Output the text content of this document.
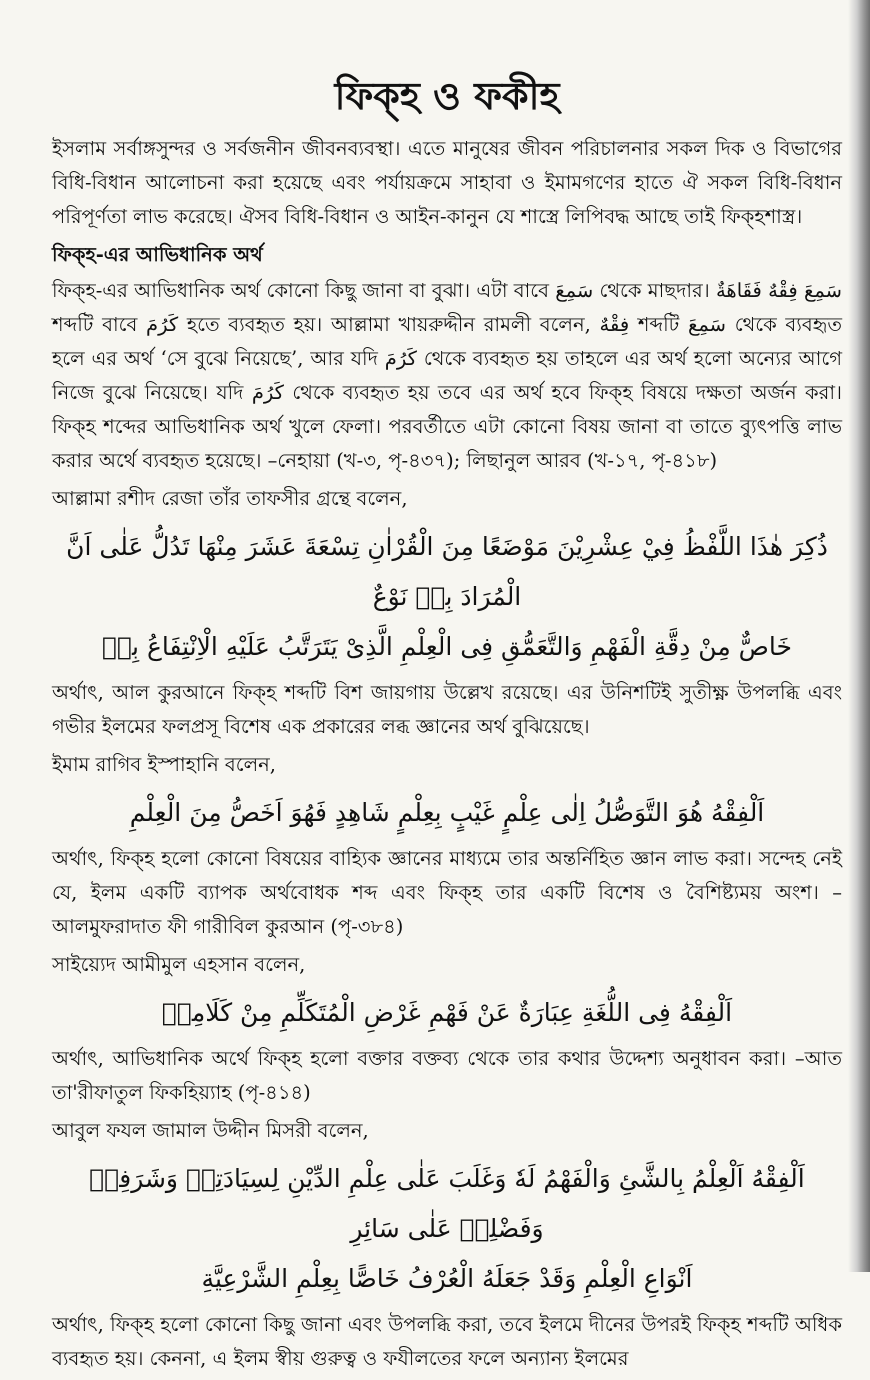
ফিক্‌হ ও ফকীহ

ইসলাম সর্বাঙ্গসুন্দর ও সর্বজনীন জীবনব্যবস্থা। এতে মানুষের জীবন পরিচালনার সকল দিক ও বিভাগের বিধি-বিধান আলোচনা করা হয়েছে এবং পর্যায়ক্রমে সাহাবা ও ইমামগণের হাতে ঐ সকল বিধি-বিধান পরিপূর্ণতা লাভ করেছে। ঐসব বিধি-বিধান ও আইন-কানুন যে শাস্ত্রে লিপিবদ্ধ আছে তাই ফিক্‌হশাস্ত্র।

ফিক্‌হ-এর আভিধানিক অর্থ

ফিক্‌হ-এর আভিধানিক অর্থ কোনো কিছু জানা বা বুঝা। এটা বাবে سَمِعَ থেকে মাছদার। سَمِعَ فِقْهٌ فَقَاهَةٌ শব্দটি বাবে كَرُمَ হতে ব্যবহৃত হয়। আল্লামা খায়রুদ্দীন রামলী বলেন, فِقْهٌ শব্দটি سَمِعَ থেকে ব্যবহৃত হলে এর অর্থ ‘সে বুঝে নিয়েছে’, আর যদি كَرُمَ থেকে ব্যবহৃত হয় তাহলে এর অর্থ হলো অন্যের আগে নিজে বুঝে নিয়েছে। যদি كَرُمَ থেকে ব্যবহৃত হয় তবে এর অর্থ হবে ফিক্‌হ বিষয়ে দক্ষতা অর্জন করা। ফিক্‌হ শব্দের আভিধানিক অর্থ খুলে ফেলা। পরবর্তীতে এটা কোনো বিষয় জানা বা তাতে ব্যুৎপত্তি লাভ করার অর্থে ব্যবহৃত হয়েছে। –নেহায়া (খ-৩, পৃ-৪৩৭); লিছানুল আরব (খ-১৭, পৃ-৪১৮)

আল্লামা রশীদ রেজা তাঁর তাফসীর গ্রন্থে বলেন,

ذُكِرَ هٰذَا اللَّفْظُ فِيْ عِشْرِيْنَ مَوْضَعًا مِنَ الْقُرْاٰنِ تِسْعَةَ عَشَرَ مِنْهَا تَدُلُّ عَلٰى اَنَّ الْمُرَادَ بِهٖ نَوْعٌ
خَاصٌّ مِنْ دِقَّةِ الْفَهْمِ وَالتَّعَمُّقِ فِى الْعِلْمِ الَّذِىْ يَتَرَتَّبُ عَلَيْهِ الْاِنْتِفَاعُ بِهٖ

অর্থাৎ, আল কুরআনে ফিক্‌হ শব্দটি বিশ জায়গায় উল্লেখ রয়েছে। এর উনিশটিই সুতীক্ষ্ণ উপলব্ধি এবং গভীর ইলমের ফলপ্রসূ বিশেষ এক প্রকারের লব্ধ জ্ঞানের অর্থ বুঝিয়েছে।

ইমাম রাগিব ইস্পাহানি বলেন,

اَلْفِقْهُ هُوَ التَّوَصُّلُ اِلٰى عِلْمٍ غَيْبٍ بِعِلْمٍ شَاهِدٍ فَهُوَ اَخَصُّ مِنَ الْعِلْمِ

অর্থাৎ, ফিক্‌হ হলো কোনো বিষয়ের বাহ্যিক জ্ঞানের মাধ্যমে তার অন্তর্নিহিত জ্ঞান লাভ করা। সন্দেহ নেই যে, ইলম একটি ব্যাপক অর্থবোধক শব্দ এবং ফিক্‌হ তার একটি বিশেষ ও বৈশিষ্ট্যময় অংশ। –আলমুফরাদাত ফী গারীবিল কুরআন (পৃ-৩৮৪)

সাইয়্যেদ আমীমুল এহসান বলেন,

اَلْفِقْهُ فِى اللُّغَةِ عِبَارَةٌ عَنْ فَهْمِ غَرْضِ الْمُتَكَلِّمِ مِنْ كَلَامِهٖ

অর্থাৎ, আভিধানিক অর্থে ফিক্‌হ হলো বক্তার বক্তব্য থেকে তার কথার উদ্দেশ্য অনুধাবন করা। –আত তা'রীফাতুল ফিকহিয়্যাহ (পৃ-৪১৪)

আবুল ফযল জামাল উদ্দীন মিসরী বলেন,

اَلْفِقْهُ اَلْعِلْمُ بِالشَّئِ وَالْفَهْمُ لَهٗ وَغَلَبَ عَلٰى عِلْمِ الدِّيْنِ لِسِيَادَتِهٖ وَشَرَفِهٖ وَفَضْلِهٖ عَلٰى سَائِرِ
اَنْوَاعِ الْعِلْمِ وَقَدْ جَعَلَهُ الْعُرْفُ خَاصًّا بِعِلْمِ الشَّرْعِيَّةِ

অর্থাৎ, ফিক্‌হ হলো কোনো কিছু জানা এবং উপলব্ধি করা, তবে ইলমে দীনের উপরই ফিক্‌হ শব্দটি অধিক ব্যবহৃত হয়। কেননা, এ ইলম স্বীয় গুরুত্ব ও ফযীলতের ফলে অন্যান্য ইলমের
